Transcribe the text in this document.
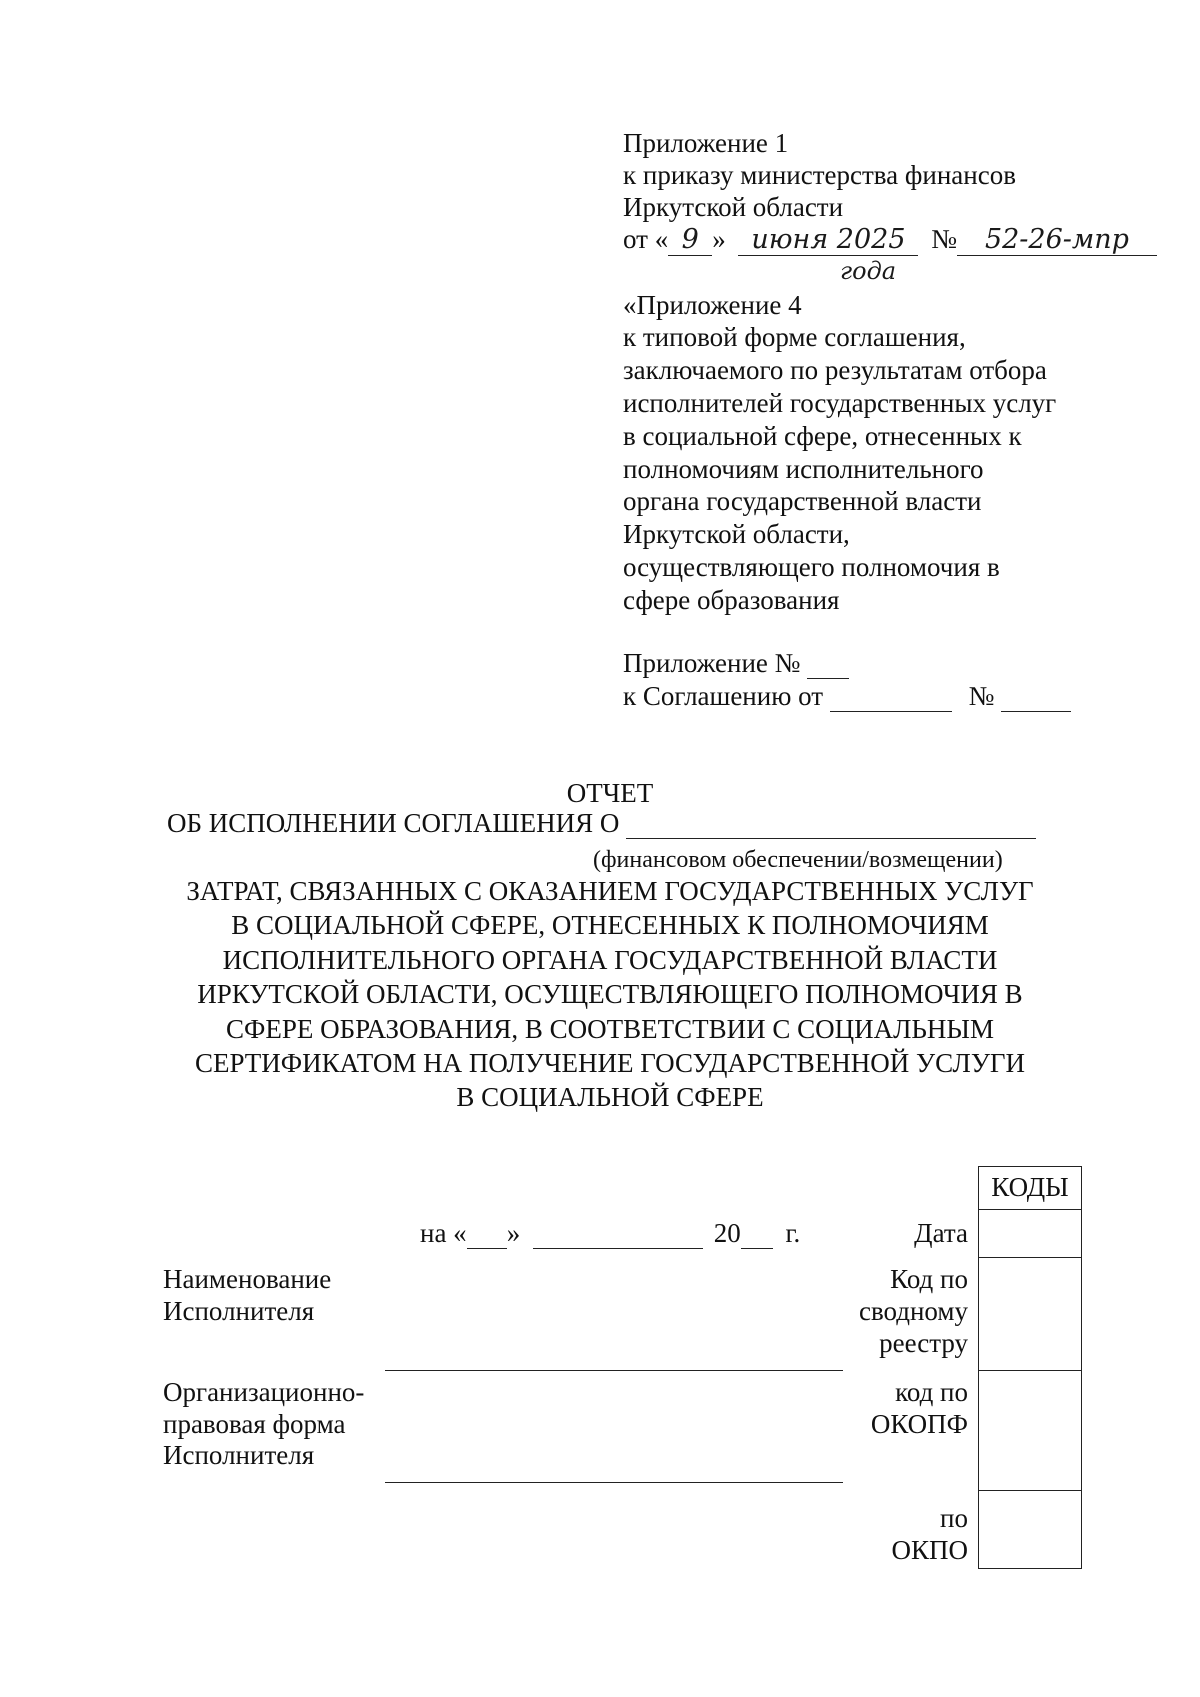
Приложение 1
к приказу министерства финансов
Иркутской области
от « 9 » июня 2025 № 52-26-мпр
года
«Приложение 4
к типовой форме соглашения,
заключаемого по результатам отбора
исполнителей государственных услуг
в социальной сфере, отнесенных к
полномочиям исполнительного
органа государственной власти
Иркутской области,
осуществляющего полномочия в
сфере образования
Приложение №
к Соглашению от	№
ОТЧЕТ
ОБ ИСПОЛНЕНИИ СОГЛАШЕНИЯ О
(финансовом обеспечении/возмещении)
ЗАТРАТ, СВЯЗАННЫХ С ОКАЗАНИЕМ ГОСУДАРСТВЕННЫХ УСЛУГ
В СОЦИАЛЬНОЙ СФЕРЕ, ОТНЕСЕННЫХ К ПОЛНОМОЧИЯМ
ИСПОЛНИТЕЛЬНОГО ОРГАНА ГОСУДАРСТВЕННОЙ ВЛАСТИ
ИРКУТСКОЙ ОБЛАСТИ, ОСУЩЕСТВЛЯЮЩЕГО ПОЛНОМОЧИЯ В
СФЕРЕ ОБРАЗОВАНИЯ, В СООТВЕТСТВИИ С СОЦИАЛЬНЫМ
СЕРТИФИКАТОМ НА ПОЛУЧЕНИЕ ГОСУДАРСТВЕННОЙ УСЛУГИ
В СОЦИАЛЬНОЙ СФЕРЕ
на « »	20 г.
Наименование
Исполнителя
Организационно-
правовая форма
Исполнителя
Дата
Код по
сводному
реестру
код по
ОКОПФ
по
ОКПО
КОДЫ
